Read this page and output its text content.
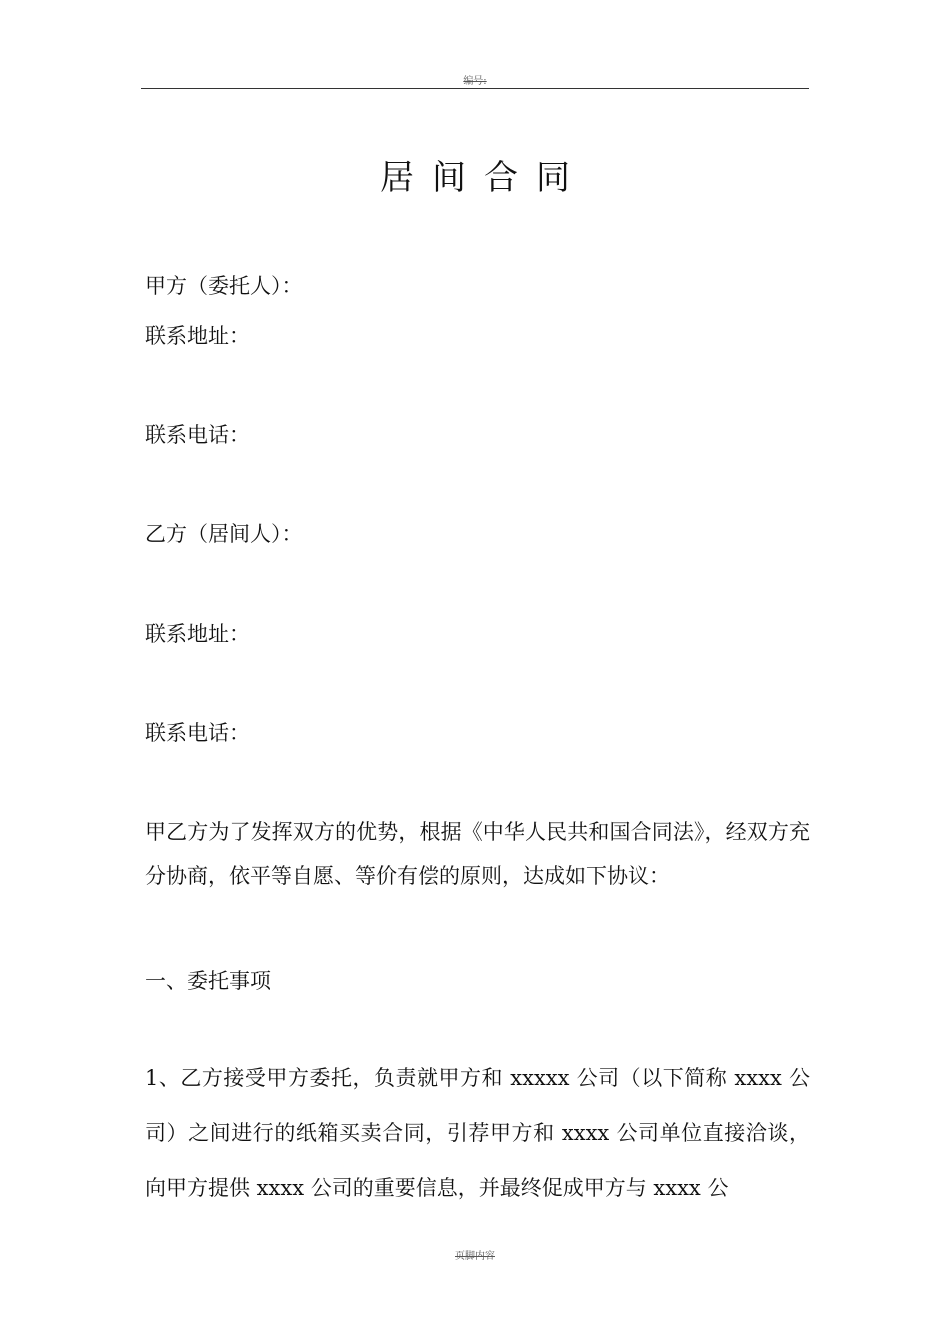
编号:
居间合同
甲方（委托人）：
联系地址：
联系电话：
乙方（居间人）：
联系地址：
联系电话：
甲乙方为了发挥双方的优势，根据《中华人民共和国合同法》，经双方充分协商，依平等自愿、等价有偿的原则，达成如下协议：
一、委托事项
1、乙方接受甲方委托，负责就甲方和 xxxxx 公司（以下简称 xxxx 公司）之间进行的纸箱买卖合同，引荐甲方和 xxxx 公司单位直接洽谈，向甲方提供 xxxx 公司的重要信息，并最终促成甲方与 xxxx 公
页脚内容
